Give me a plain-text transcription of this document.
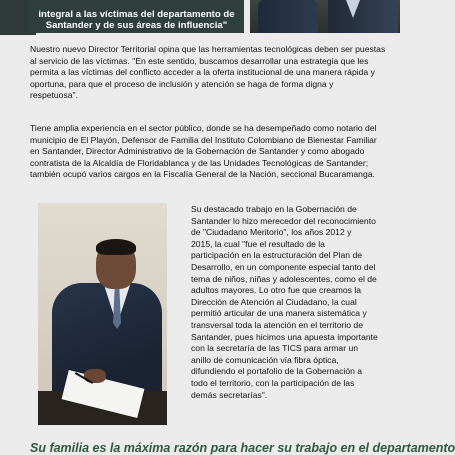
integral a las víctimas del departamento de
Santander y de sus áreas de influencia"
Nuestro nuevo Director Territorial opina que las herramientas tecnológicas deben ser puestas
al servicio de las víctimas. "En este sentido, buscamos desarrollar una estrategia que les
permita a las víctimas del conflicto acceder a la oferta institucional de una manera rápida y
oportuna, para que el proceso de inclusión y atención se haga de forma digna y
respetuosa".
Tiene amplia experiencia en el sector público, donde se ha desempeñado como notario del
municipio de El Playón, Defensor de Familia del Instituto Colombiano de Bienestar Familiar
en Santander, Director Administrativo de la Gobernación de Santander y como abogado
contratista de la Alcaldía de Floridablanca y de las Unidades Tecnológicas de Santander;
también ocupó varios cargos en la Fiscalía General de la Nación, seccional Bucaramanga.
Su destacado trabajo en la Gobernación de
Santander lo hizo merecedor del reconocimiento
de "Ciudadano Meritorio", los años 2012 y
2015, la cual "fue el resultado de la
participación en la estructuración del Plan de
Desarrollo, en un componente especial tanto del
tema de niños, niñas y adolescentes, como el de
adultos mayores. Lo otro fue que creamos la
Dirección de Atención al Ciudadano, la cual
permitió articular de una manera sistemática y
transversal toda la atención en el territorio de
Santander, pues hicimos una apuesta importante
con la secretaría de las TICS para armar un
anillo de comunicación vía fibra óptica,
difundiendo el portafolio de la Gobernación a
todo el territorio, con la participación de las
demás secretarías".
Su familia es la máxima razón para hacer su trabajo en el departamento
